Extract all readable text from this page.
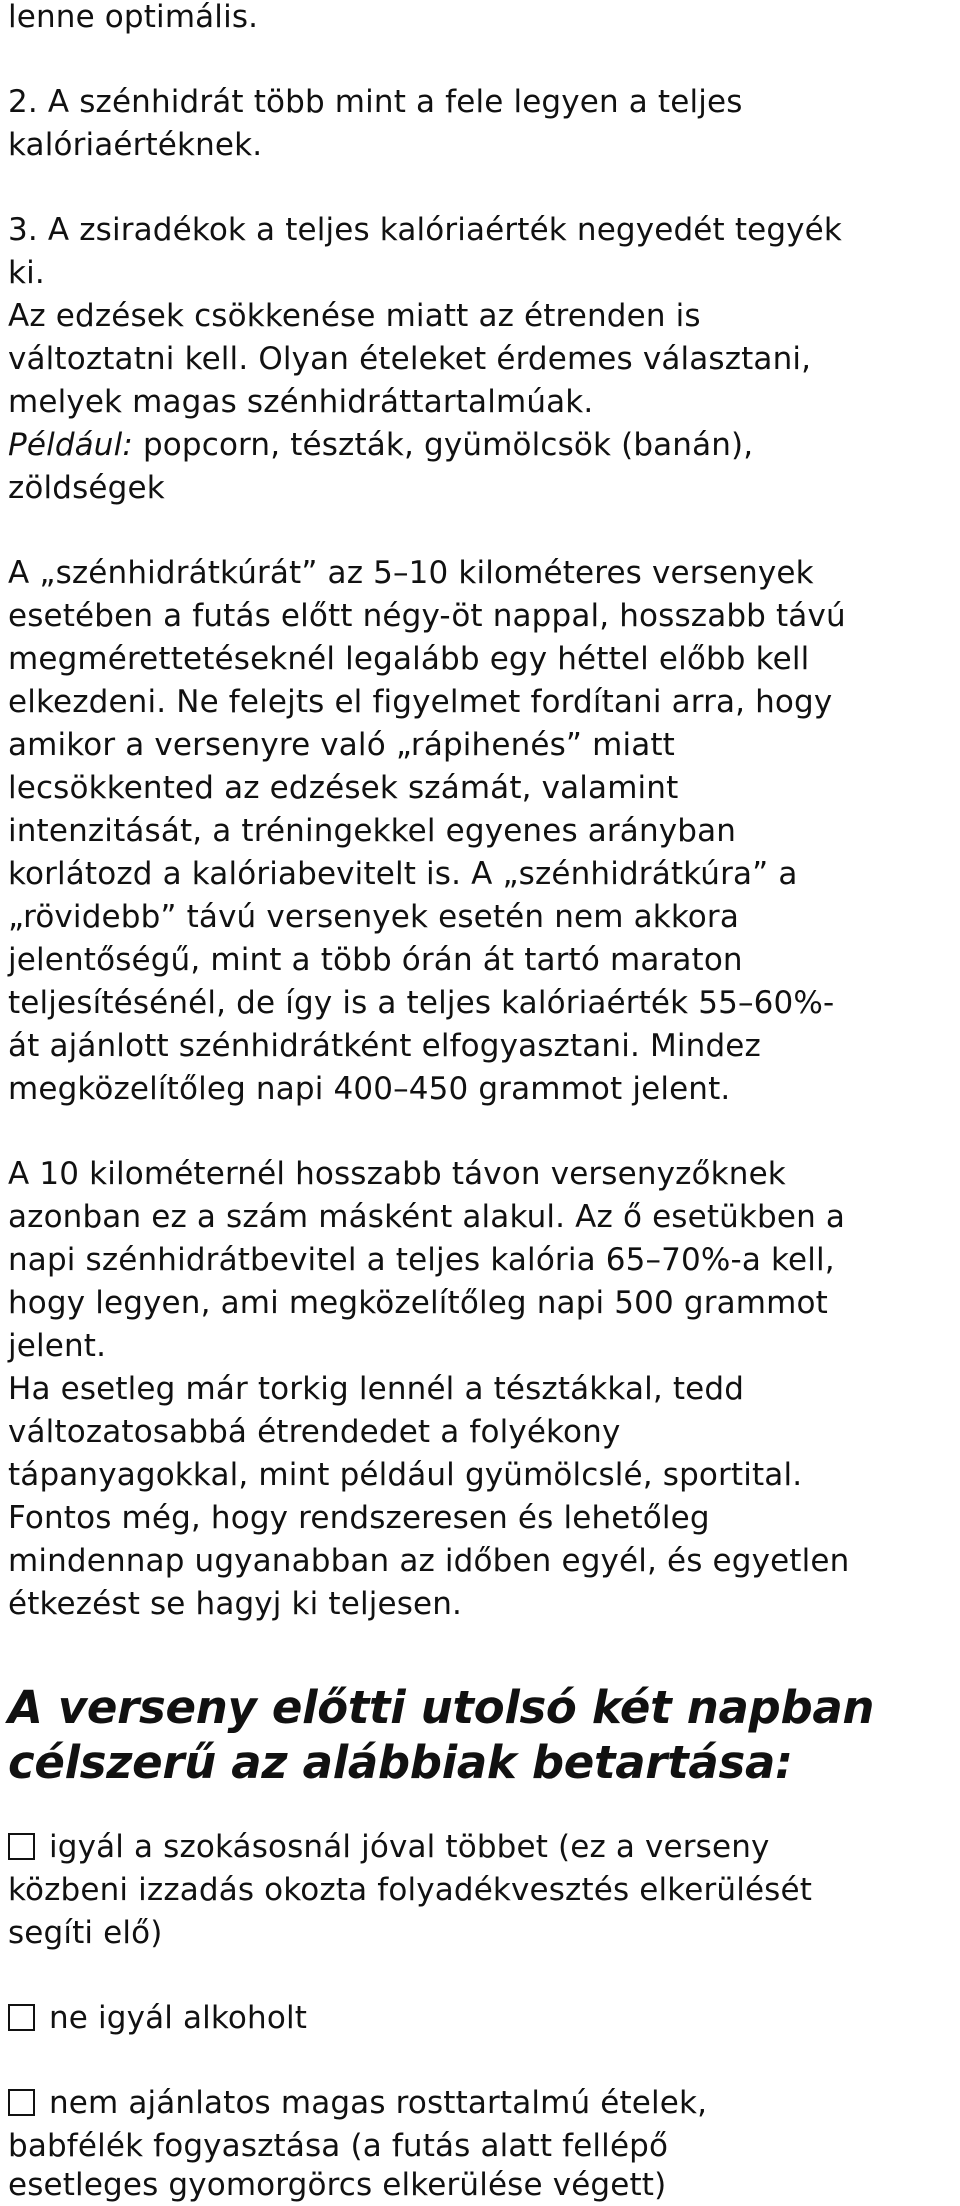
lenne optimális.
2. A szénhidrát több mint a fele legyen a teljes
kalóriaértéknek.
3. A zsiradékok a teljes kalóriaérték negyedét tegyék
ki.
Az edzések csökkenése miatt az étrenden is
változtatni kell. Olyan ételeket érdemes választani,
melyek magas szénhidráttartalmúak.
Például: popcorn, tészták, gyümölcsök (banán),
zöldségek
A „szénhidrátkúrát” az 5–10 kilométeres versenyek
esetében a futás előtt négy-öt nappal, hosszabb távú
megmérettetéseknél legalább egy héttel előbb kell
elkezdeni. Ne felejts el figyelmet fordítani arra, hogy
amikor a versenyre való „rápihenés” miatt
lecsökkented az edzések számát, valamint
intenzitását, a tréningekkel egyenes arányban
korlátozd a kalóriabevitelt is. A „szénhidrátkúra” a
„rövidebb” távú versenyek esetén nem akkora
jelentőségű, mint a több órán át tartó maraton
teljesítésénél, de így is a teljes kalóriaérték 55–60%-
át ajánlott szénhidrátként elfogyasztani. Mindez
megközelítőleg napi 400–450 grammot jelent.
A 10 kilométernél hosszabb távon versenyzőknek
azonban ez a szám másként alakul. Az ő esetükben a
napi szénhidrátbevitel a teljes kalória 65–70%-a kell,
hogy legyen, ami megközelítőleg napi 500 grammot
jelent.
Ha esetleg már torkig lennél a tésztákkal, tedd
változatosabbá étrendedet a folyékony
tápanyagokkal, mint például gyümölcslé, sportital.
Fontos még, hogy rendszeresen és lehetőleg
mindennap ugyanabban az időben egyél, és egyetlen
étkezést se hagyj ki teljesen.
A verseny előtti utolsó két napban
célszerű az alábbiak betartása:
igyál a szokásosnál jóval többet (ez a verseny
közbeni izzadás okozta folyadékvesztés elkerülését
segíti elő)
ne igyál alkoholt
nem ajánlatos magas rosttartalmú ételek,
babfélék fogyasztása (a futás alatt fellépő
esetleges gyomorgörcs elkerülése végett)
